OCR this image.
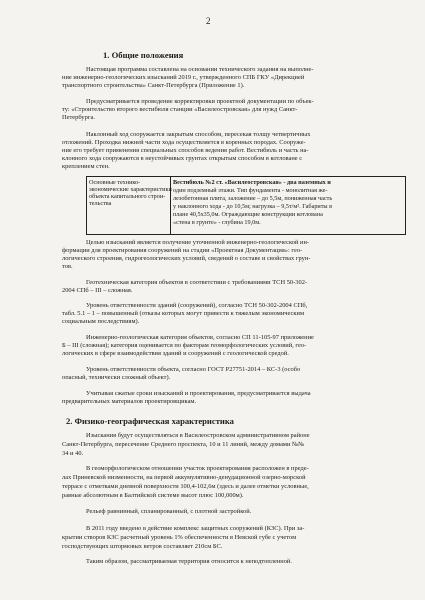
2
1. Общие положения
Настоящая программа составлена на основании технического задания на выполне-
ние инженерно-геологических изысканий 2019 г., утвержденного СПБ ГКУ «Дирекцией
транспортного строительства» Санкт-Петербурга (Приложение 1).
Предусматривается проведение корректировки проектной документации по объек-
ту: «Строительство второго вестибюля станции «Василеостровская» для нужд Санкт-
Петербурга.
Наклонный ход сооружается закрытым способом, пересекая толщу четвертичных
отложений. Проходка нижней части хода осуществляется в коренных породах. Сооруже-
ние его требует применения специальных способов ведения работ. Вестибюль и часть на-
клонного хода сооружаются в неустойчивых грунтах открытым способом в котловане с
креплением стен.
Основные технико-
экономические характеристики
объекта капитального строи-
тельства
Вестибюль №2 ст. «Василеостровская» - два наземных и
один подземный этажи. Тип фундамента - монолитная же-
лезобетонная плита, заложение – до 5,5м, пониженная часть
у наклонного хода - до 10,5м; нагрузка – 9,5т/м². Габариты в
плане 40,5х35,0м. Ограждающие конструкции котлована
«стена в грунте» - глубина 19,0м.
Целью изысканий является получение уточненной инженерно-геологической ин-
формации для проектирования сооружений на стадии «Проектная Документация»: гео-
логического строения, гидрогеологических условий, сведений о составе и свойствах грун-
тов.
Геотехническая категория объектов в соответствии с требованиями ТСН 50-302-
2004 СПб – III – сложная.
Уровень ответственности зданий (сооружений), согласно ТСН 50-302-2004 СПб,
табл. 5.1 – 1 – повышенный (отказы которых могут привести к тяжелым экономическим
социальным последствиям).
Инженерно-геологическая категория объектов, согласно СП 11-105-97 приложение
Б – III (сложная); категория оценивается по факторам геоморфологических условий, гео-
логических в сфере взаимодействия зданий и сооружений с геологической средой.
Уровень ответственности объекта, согласно ГОСТ Р27751-2014 – КС-3 (особо
опасный, технически сложный объект).
Учитывая сжатые сроки изысканий и проектирования, предусматривается выдача
предварительных материалов проектировщикам.
2. Физико-географическая характеристика
Изыскания будут осуществляться в Василеостровском административном районе
Санкт-Петербурга, пересечение Среднего проспекта, 10 и 11 линий, между домами №№
34 и 40.
В геоморфологическом отношении участок проектирования расположен в преде-
лах Приневской низменности, на первой аккумулятивно-денудационной озерно-морской
террасе с отметками дневной поверхности 100,4-102,6м (здесь и далее отметки условные,
равные абсолютным в Балтийской системе высот плюс 100,000м).
Рельеф равнинный, спланированный, с плотной застройкой.
В 2011 году введено в действие комплекс защитных сооружений (КЗС). При за-
крытии створов КЗС расчетный уровень 1% обеспеченности в Невской губе с учетом
господствующих штормовых ветров составляет 210см БС.
Таким образом, рассматриваемая территория относится к неподтопленной.
